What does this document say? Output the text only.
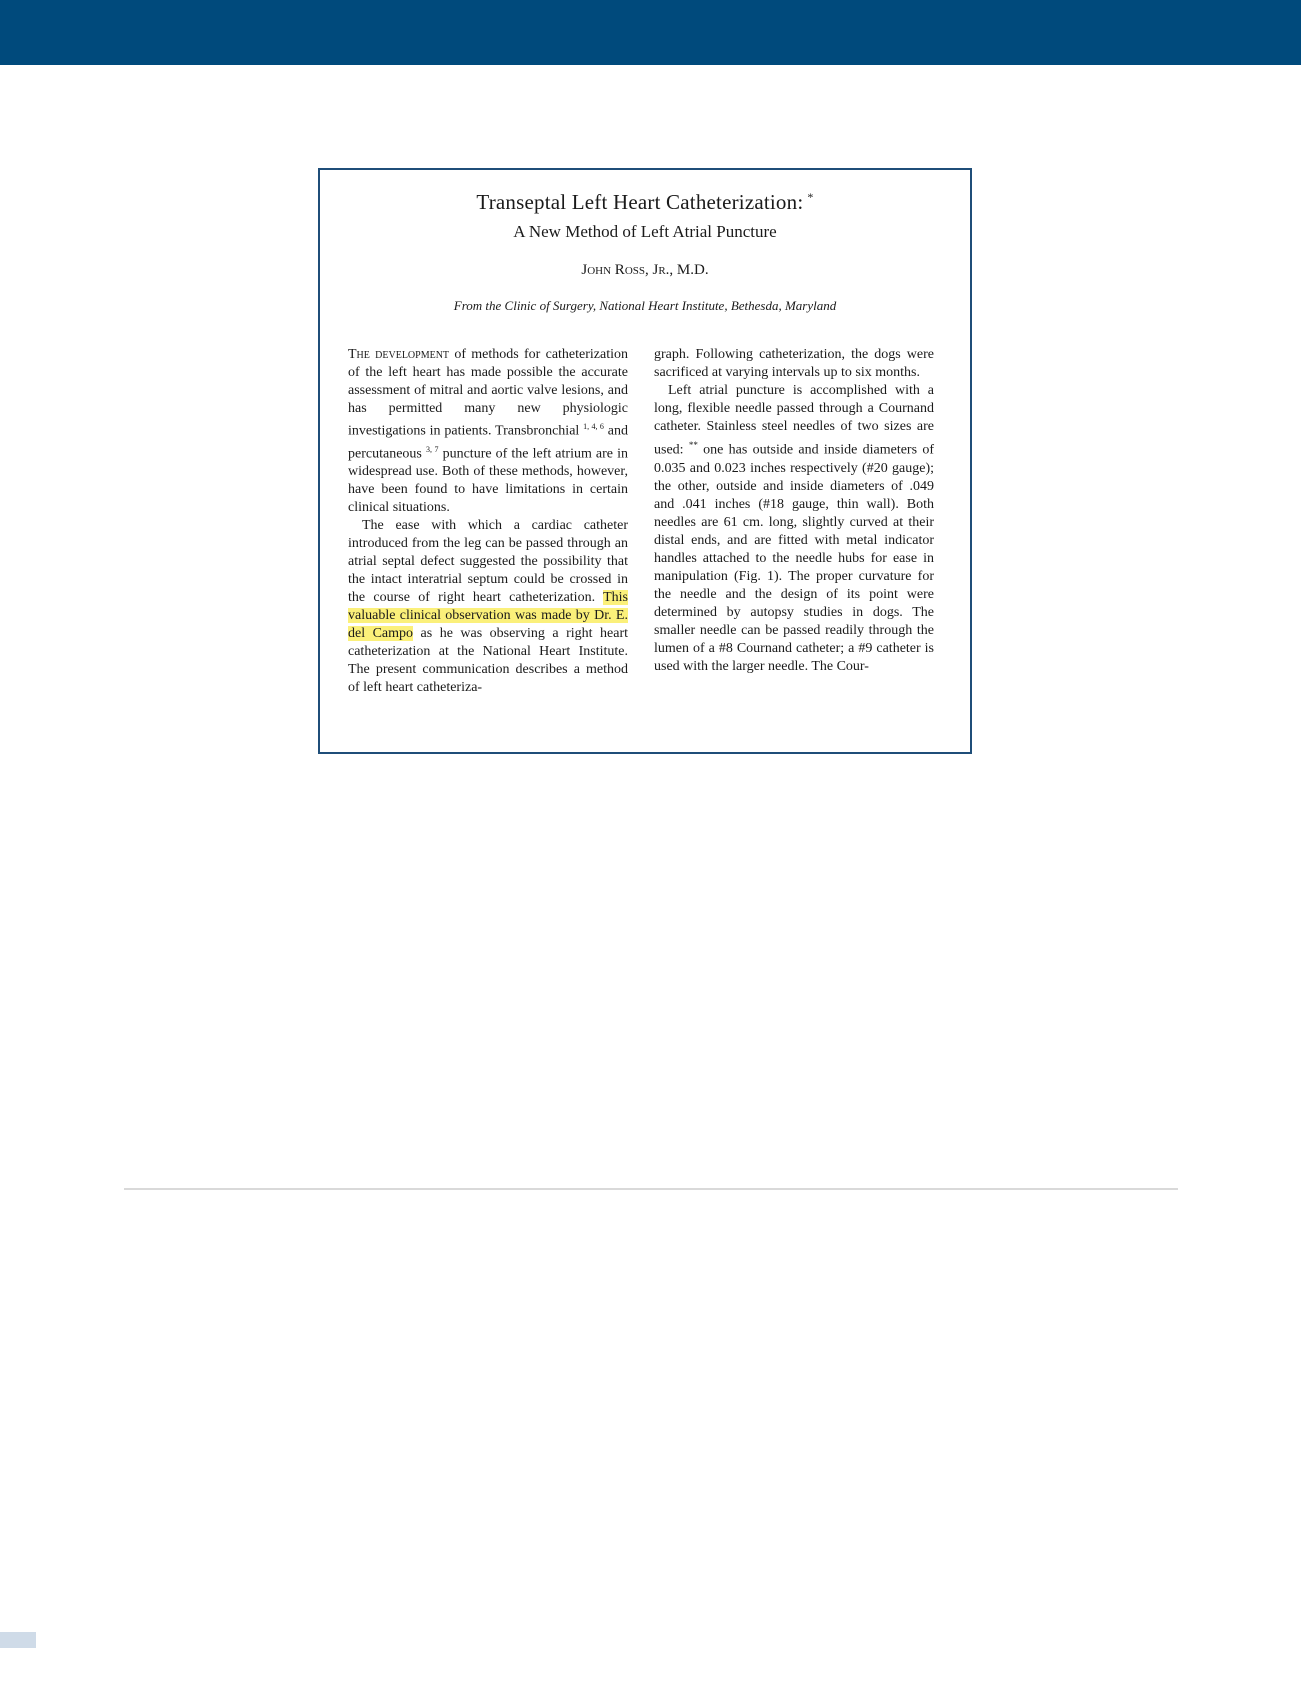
Transeptal Left Heart Catheterization: *
A New Method of Left Atrial Puncture
John Ross, Jr., M.D.
From the Clinic of Surgery, National Heart Institute, Bethesda, Maryland

The development of methods for catheterization of the left heart has made possible the accurate assessment of mitral and aortic valve lesions, and has permitted many new physiologic investigations in patients. Transbronchial $^{1, 4, 6}$ and percutaneous $^{3, 7}$ puncture of the left atrium are in widespread use. Both of these methods, however, have been found to have limitations in certain clinical situations.

The ease with which a cardiac catheter introduced from the leg can be passed through an atrial septal defect suggested the possibility that the intact interatrial septum could be crossed in the course of right heart catheterization. This valuable clinical observation was made by Dr. E. del Campo as he was observing a right heart catheterization at the National Heart Institute. The present communication describes a method of left heart catheteriza-

graph. Following catheterization, the dogs were sacrificed at varying intervals up to six months.

Left atrial puncture is accomplished with a long, flexible needle passed through a Cournand catheter. Stainless steel needles of two sizes are used: ** one has outside and inside diameters of 0.035 and 0.023 inches respectively (#20 gauge); the other, outside and inside diameters of .049 and .041 inches (#18 gauge, thin wall). Both needles are 61 cm. long, slightly curved at their distal ends, and are fitted with metal indicator handles attached to the needle hubs for ease in manipulation (Fig. 1). The proper curvature for the needle and the design of its point were determined by autopsy studies in dogs. The smaller needle can be passed readily through the lumen of a #8 Cournand catheter; a #9 catheter is used with the larger needle. The Cour-
